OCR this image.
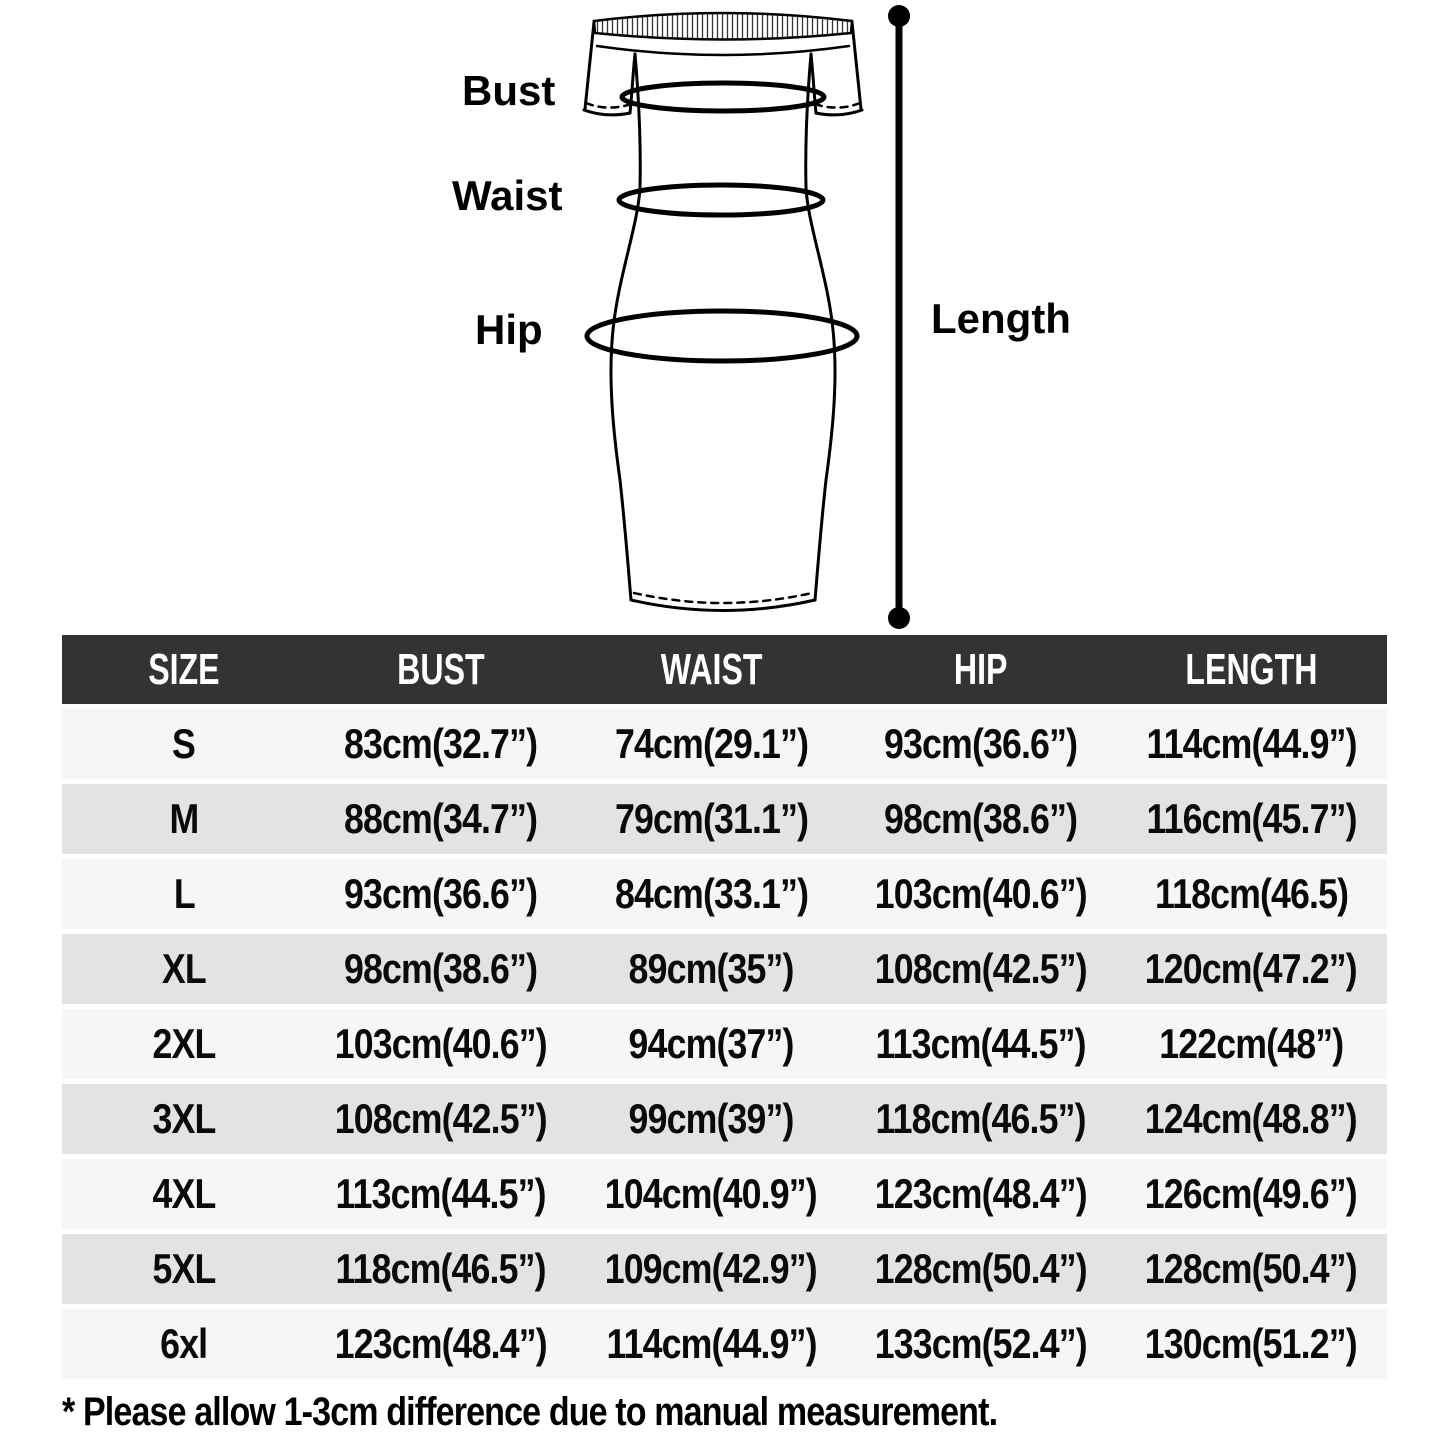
Bust
Waist
Hip	Length
SIZE	BUST	WAIST	HIP	LENGTH
S	83cm(32.7”)	74cm(29.1”)	93cm(36.6”)	114cm(44.9”)
M	88cm(34.7”)	79cm(31.1”)	98cm(38.6”)	116cm(45.7”)
L	93cm(36.6”)	84cm(33.1”)	103cm(40.6”)	118cm(46.5)
XL	98cm(38.6”)	89cm(35”)	108cm(42.5”)	120cm(47.2”)
2XL	103cm(40.6”)	94cm(37”)	113cm(44.5”)	122cm(48”)
3XL	108cm(42.5”)	99cm(39”)	118cm(46.5”)	124cm(48.8”)
4XL	113cm(44.5”)	104cm(40.9”)	123cm(48.4”)	126cm(49.6”)
5XL	118cm(46.5”)	109cm(42.9”)	128cm(50.4”)	128cm(50.4”)
6xl	123cm(48.4”)	114cm(44.9”)	133cm(52.4”)	130cm(51.2”)
* Please allow 1-3cm difference due to manual measurement.
